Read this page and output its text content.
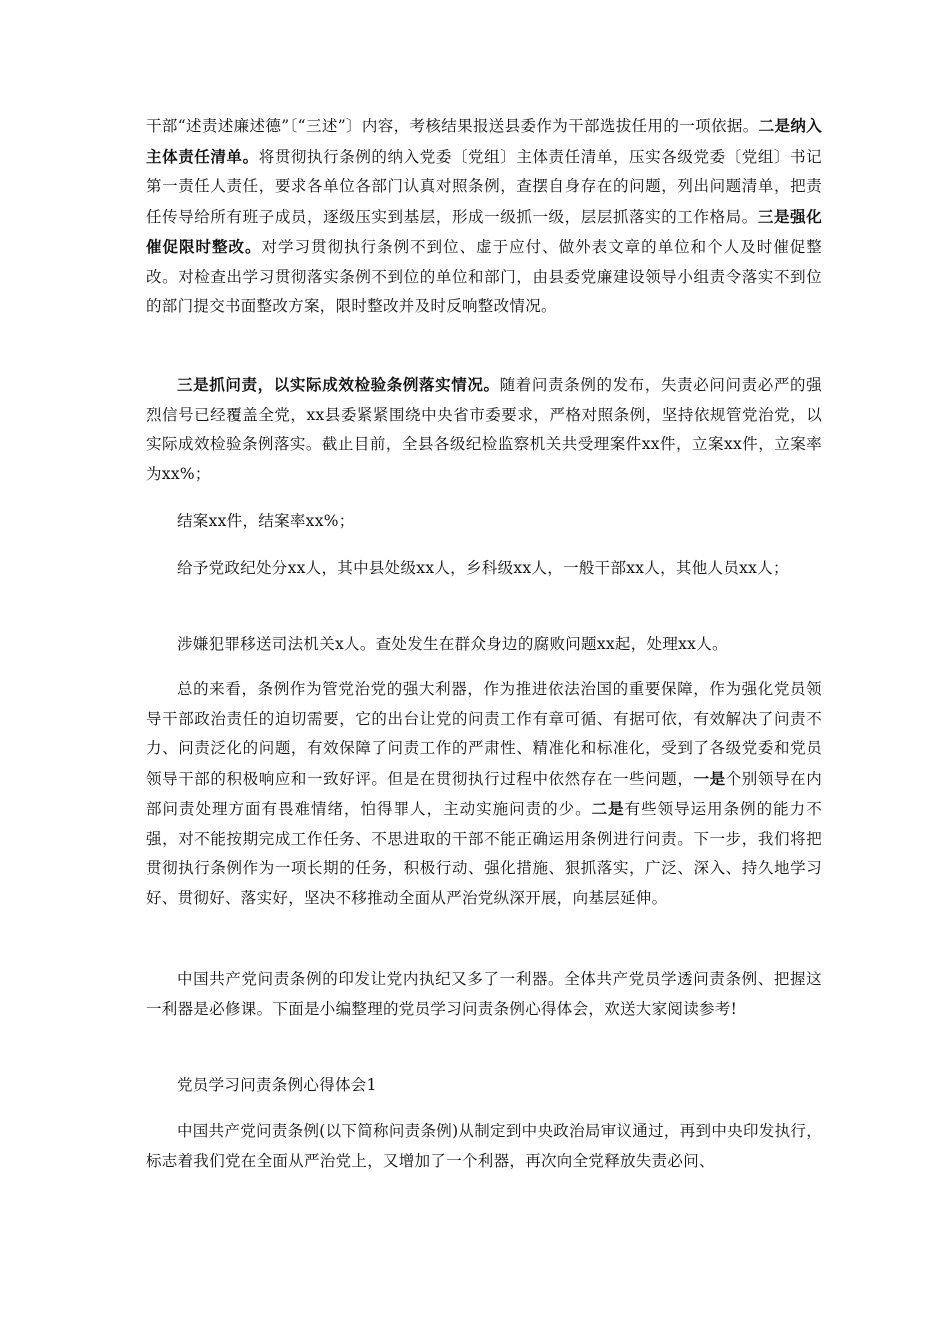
干部“述责述廉述德”〔“三述”〕内容，考核结果报送县委作为干部选拔任用的一项依据。二是纳入主体责任清单。将贯彻执行条例的纳入党委〔党组〕主体责任清单，压实各级党委〔党组〕书记第一责任人责任，要求各单位各部门认真对照条例，查摆自身存在的问题，列出问题清单，把责任传导给所有班子成员，逐级压实到基层，形成一级抓一级，层层抓落实的工作格局。三是强化催促限时整改。对学习贯彻执行条例不到位、虚于应付、做外表文章的单位和个人及时催促整改。对检查出学习贯彻落实条例不到位的单位和部门，由县委党廉建设领导小组责令落实不到位的部门提交书面整改方案，限时整改并及时反响整改情况。

三是抓问责，以实际成效检验条例落实情况。随着问责条例的发布，失责必问问责必严的强烈信号已经覆盖全党，xx县委紧紧围绕中央省市委要求，严格对照条例，坚持依规管党治党，以实际成效检验条例落实。截止目前，全县各级纪检监察机关共受理案件xx件，立案xx件，立案率为xx%；

结案xx件，结案率xx%；

给予党政纪处分xx人，其中县处级xx人，乡科级xx人，一般干部xx人，其他人员xx人；

涉嫌犯罪移送司法机关x人。查处发生在群众身边的腐败问题xx起，处理xx人。

总的来看，条例作为管党治党的强大利器，作为推进依法治国的重要保障，作为强化党员领导干部政治责任的迫切需要，它的出台让党的问责工作有章可循、有据可依，有效解决了问责不力、问责泛化的问题，有效保障了问责工作的严肃性、精准化和标准化，受到了各级党委和党员领导干部的积极响应和一致好评。但是在贯彻执行过程中依然存在一些问题，一是个别领导在内部问责处理方面有畏难情绪，怕得罪人，主动实施问责的少。二是有些领导运用条例的能力不强，对不能按期完成工作任务、不思进取的干部不能正确运用条例进行问责。下一步，我们将把贯彻执行条例作为一项长期的任务，积极行动、强化措施、狠抓落实，广泛、深入、持久地学习好、贯彻好、落实好，坚决不移推动全面从严治党纵深开展，向基层延伸。

中国共产党问责条例的印发让党内执纪又多了一利器。全体共产党员学透问责条例、把握这一利器是必修课。下面是小编整理的党员学习问责条例心得体会，欢送大家阅读参考!

党员学习问责条例心得体会1

中国共产党问责条例(以下简称问责条例)从制定到中央政治局审议通过，再到中央印发执行，标志着我们党在全面从严治党上，又增加了一个利器，再次向全党释放失责必问、
